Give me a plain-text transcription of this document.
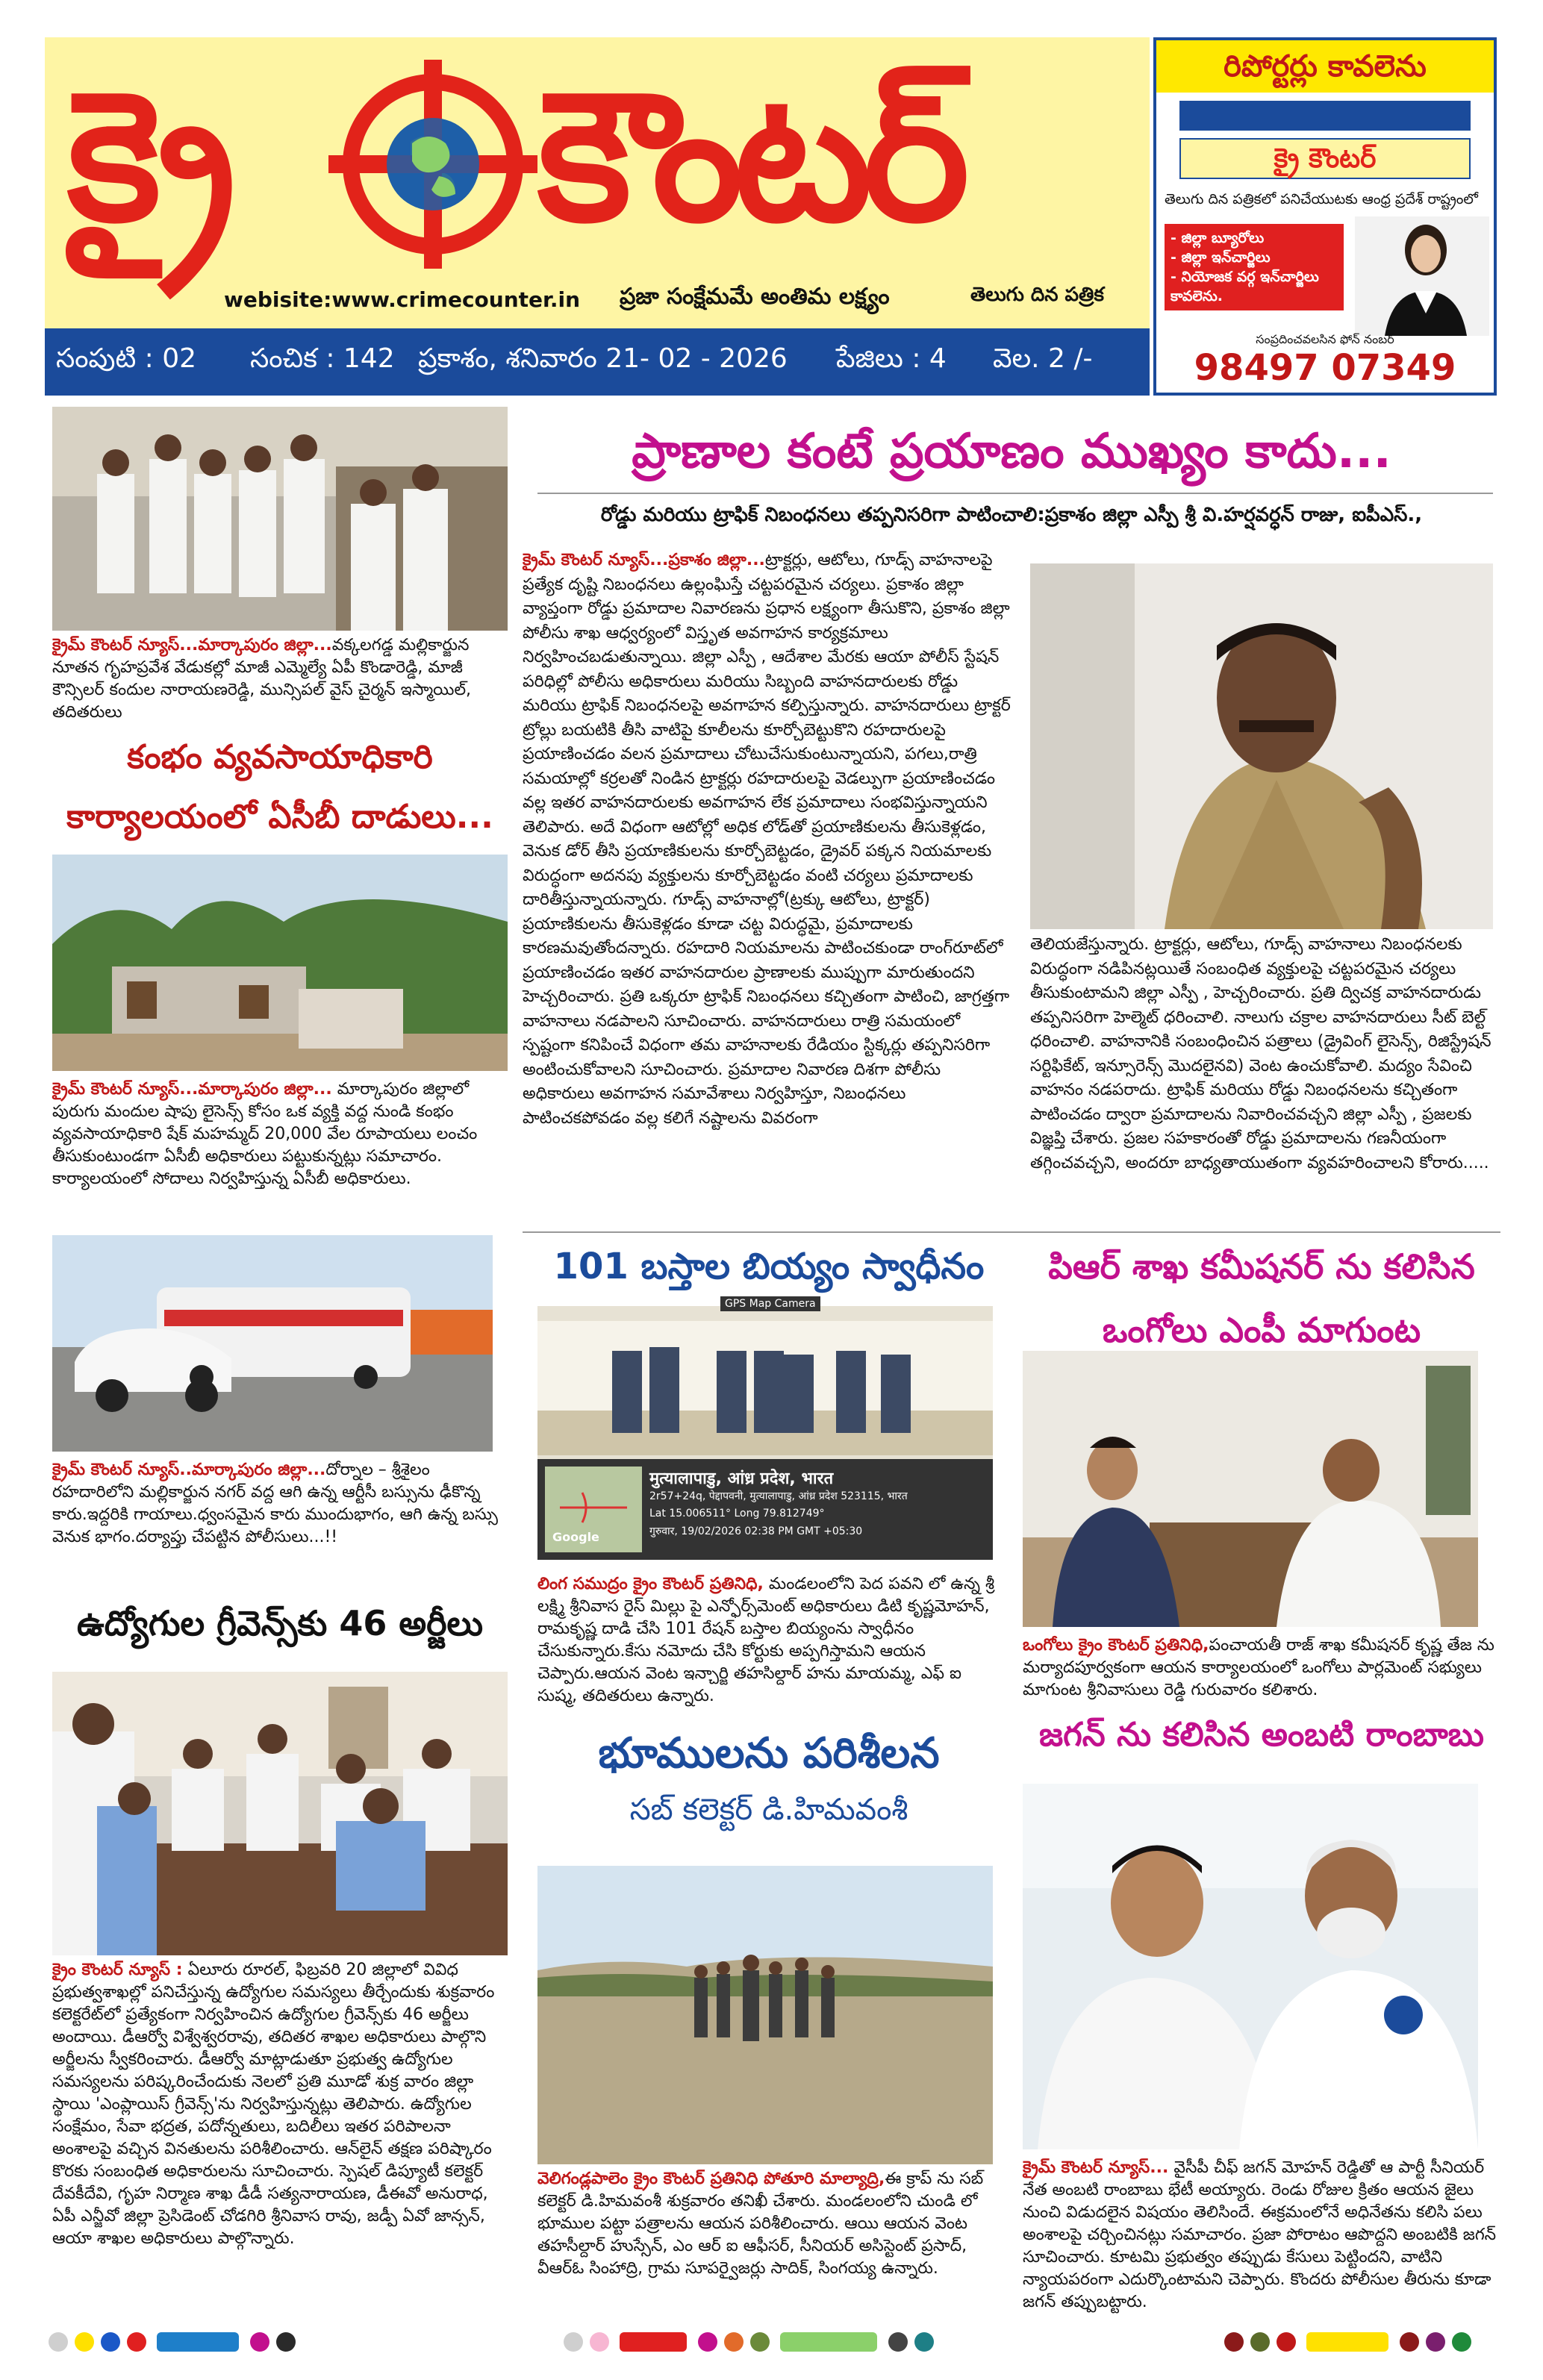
క్రై కౌంటర్
webisite:www.crimecounter.in ప్రజా సంక్షేమమే అంతిమ లక్ష్యం	తెలుగు దిన పత్రిక
సంపుటి : 02	సంచిక : 142 ప్రకాశం, శనివారం 21- 02 - 2026	పేజిలు : 4	వెల. 2 /-
రిపోర్టర్లు కావలెను
క్రై కౌంటర్
తెలుగు దిన పత్రికలో పనిచేయుటకు ఆంధ్ర ప్రదేశ్ రాష్ట్రంలో
- జిల్లా బ్యూరోలు
- జిల్లా ఇన్‌చార్జిలు
- నియోజక వర్గ ఇన్‌చార్జిలు
కావలెను.
సంప్రదించవలసిన ఫోన్ నంబర్
98497 07349
క్రైమ్ కౌంటర్ న్యూస్...మార్కాపురం జిల్లా...వక్కలగడ్డ మల్లికార్జున నూతన గృహప్రవేశ వేడుకల్లో మాజీ ఎమ్మెల్యే ఏపీ కొండారెడ్డి, మాజీ కౌన్సిలర్ కందుల నారాయణరెడ్డి, మున్సిపల్ వైస్ చైర్మన్ ఇస్మాయిల్, తదితరులు
కంభం వ్యవసాయాధికారి కార్యాలయంలో ఏసీబీ దాడులు...
క్రైమ్ కౌంటర్ న్యూస్...మార్కాపురం జిల్లా... మార్కాపురం జిల్లాలో పురుగు మందుల షాపు లైసెన్స్ కోసం ఒక వ్యక్తి వద్ద నుండి కంభం వ్యవసాయాధికారి షేక్ మహమ్మద్ 20,000 వేల రూపాయలు లంచం తీసుకుంటుండగా ఏసీబీ అధికారులు పట్టుకున్నట్లు సమాచారం. కార్యాలయంలో సోదాలు నిర్వహిస్తున్న ఏసీబీ అధికారులు.
క్రైమ్ కౌంటర్ న్యూస్..మార్కాపురం జిల్లా...దోర్నాల – శ్రీశైలం రహదారిలోని మల్లికార్జున నగర్ వద్ద ఆగి ఉన్న ఆర్టీసీ బస్సును ఢీకొన్న కారు.ఇద్దరికి గాయాలు.ధ్వంసమైన కారు ముందుభాగం, ఆగి ఉన్న బస్సు వెనుక భాగం.దర్యాప్తు చేపట్టిన పోలీసులు...!!
ఉద్యోగుల గ్రీవెన్స్‌కు 46 అర్జీలు
క్రైం కౌంటర్ న్యూస్ : ఏలూరు రూరల్, ఫిబ్రవరి 20 జిల్లాలో వివిధ ప్రభుత్వశాఖల్లో పనిచేస్తున్న ఉద్యోగుల సమస్యలు తీర్చేందుకు శుక్రవారం కలెక్టరేట్‌లో ప్రత్యేకంగా నిర్వహించిన ఉద్యోగుల గ్రీవెన్స్‌కు 46 అర్జీలు అందాయి. డీఆర్వో విశ్వేశ్వరరావు, తదితర శాఖల అధికారులు పాల్గొని అర్జీలను స్వీకరించారు. డీఆర్వో మాట్లాడుతూ ప్రభుత్వ ఉద్యోగుల సమస్యలను పరిష్కరించేందుకు నెలలో ప్రతి మూడో శుక్ర వారం జిల్లా స్థాయి 'ఎంప్లాయిస్ గ్రీవెన్స్'ను నిర్వహిస్తున్నట్లు తెలిపారు. ఉద్యోగుల సంక్షేమం, సేవా భద్రత, పదోన్నతులు, బదిలీలు ఇతర పరిపాలనా అంశాలపై వచ్చిన వినతులను పరిశీలించారు. ఆన్‌లైన్ తక్షణ పరిష్కారం కొరకు సంబంధిత అధికారులను సూచించారు. స్పెషల్ డిప్యూటీ కలెక్టర్ దేవకీదేవి, గృహ నిర్మాణ శాఖ డీడీ సత్యనారాయణ, డీఈవో అనురాధ, ఏపీ ఎన్జీవో జిల్లా ప్రెసిడెంట్ చోడగిరి శ్రీనివాస రావు, జడ్పీ ఏవో జాన్సన్, ఆయా శాఖల అధికారులు పాల్గొన్నారు.
ప్రాణాల కంటే ప్రయాణం ముఖ్యం కాదు...
రోడ్డు మరియు ట్రాఫిక్ నిబంధనలు తప్పనిసరిగా పాటించాలి:ప్రకాశం జిల్లా ఎస్పీ శ్రీ వి.హర్షవర్ధన్ రాజు, ఐపీఎస్.,
క్రైమ్ కౌంటర్ న్యూస్...ప్రకాశం జిల్లా...ట్రాక్టర్లు, ఆటోలు, గూడ్స్ వాహనాలపై ప్రత్యేక దృష్టి నిబంధనలు ఉల్లంఘిస్తే చట్టపరమైన చర్యలు. ప్రకాశం జిల్లా వ్యాప్తంగా రోడ్డు ప్రమాదాల నివారణను ప్రధాన లక్ష్యంగా తీసుకొని, ప్రకాశం జిల్లా పోలీసు శాఖ ఆధ్వర్యంలో విస్తృత అవగాహన కార్యక్రమాలు నిర్వహించబడుతున్నాయి. జిల్లా ఎస్పీ , ఆదేశాల మేరకు ఆయా పోలీస్ స్టేషన్ పరిధిల్లో పోలీసు అధికారులు మరియు సిబ్బంది వాహనదారులకు రోడ్డు మరియు ట్రాఫిక్ నిబంధనలపై అవగాహన కల్పిస్తున్నారు. వాహనదారులు ట్రాక్టర్ ట్రోల్లు బయటికి తీసి వాటిపై కూలీలను కూర్చోబెట్టుకొని రహదారులపై ప్రయాణించడం వలన ప్రమాదాలు చోటుచేసుకుంటున్నాయని, పగలు,రాత్రి సమయాల్లో కర్రలతో నిండిన ట్రాక్టర్లు రహదారులపై వెడల్పుగా ప్రయాణించడం వల్ల ఇతర వాహనదారులకు అవగాహన లేక ప్రమాదాలు సంభవిస్తున్నాయని తెలిపారు. అదే విధంగా ఆటోల్లో అధిక లోడ్‌తో ప్రయాణికులను తీసుకెళ్లడం, వెనుక డోర్ తీసి ప్రయాణికులను కూర్చోబెట్టడం, డ్రైవర్ పక్కన నియమాలకు విరుద్ధంగా అదనపు వ్యక్తులను కూర్చోబెట్టడం వంటి చర్యలు ప్రమాదాలకు దారితీస్తున్నాయన్నారు. గూడ్స్ వాహనాల్లో(ట్రక్కు ఆటోలు, ట్రాక్టర్) ప్రయాణికులను తీసుకెళ్లడం కూడా చట్ట విరుద్ధమై, ప్రమాదాలకు కారణమవుతోందన్నారు. రహదారి నియమాలను పాటించకుండా రాంగ్‌రూట్‌లో ప్రయాణించడం ఇతర వాహనదారుల ప్రాణాలకు ముప్పుగా మారుతుందని హెచ్చరించారు. ప్రతి ఒక్కరూ ట్రాఫిక్ నిబంధనలు కచ్చితంగా పాటించి, జాగ్రత్తగా వాహనాలు నడపాలని సూచించారు. వాహనదారులు రాత్రి సమయంలో స్పష్టంగా కనిపించే విధంగా తమ వాహనాలకు రేడియం స్టిక్కర్లు తప్పనిసరిగా అంటించుకోవాలని సూచించారు. ప్రమాదాల నివారణ దిశగా పోలీసు అధికారులు అవగాహన సమావేశాలు నిర్వహిస్తూ, నిబంధనలు పాటించకపోవడం వల్ల కలిగే నష్టాలను వివరంగా
తెలియజేస్తున్నారు. ట్రాక్టర్లు, ఆటోలు, గూడ్స్ వాహనాలు నిబంధనలకు విరుద్ధంగా నడిపినట్లయితే సంబంధిత వ్యక్తులపై చట్టపరమైన చర్యలు తీసుకుంటామని జిల్లా ఎస్పీ , హెచ్చరించారు. ప్రతి ద్విచక్ర వాహనదారుడు తప్పనిసరిగా హెల్మెట్ ధరించాలి. నాలుగు చక్రాల వాహనదారులు సీట్ బెల్ట్ ధరించాలి. వాహనానికి సంబంధించిన పత్రాలు (డ్రైవింగ్ లైసెన్స్, రిజిస్ట్రేషన్ సర్టిఫికేట్, ఇన్సూరెన్స్ మొదలైనవి) వెంట ఉంచుకోవాలి. మద్యం సేవించి వాహనం నడపరాదు. ట్రాఫిక్ మరియు రోడ్డు నిబంధనలను కచ్చితంగా పాటించడం ద్వారా ప్రమాదాలను నివారించవచ్చని జిల్లా ఎస్పీ , ప్రజలకు విజ్ఞప్తి చేశారు. ప్రజల సహకారంతో రోడ్డు ప్రమాదాలను గణనీయంగా తగ్గించవచ్చని, అందరూ బాధ్యతాయుతంగా వ్యవహరించాలని కోరారు.....
101 బస్తాల బియ్యం స్వాధీనం
GPS Map Camera
मुत्यालापाडु, आंध्र प्रदेश, भारत
2r57+24q, पेद्दापवनी, मुत्यालापाडु, आंध्र प्रदेश 523115, भारत
Lat 15.006511° Long 79.812749°
गुरुवार, 19/02/2026 02:38 PM GMT +05:30
Google
లింగ సముద్రం క్రైం కౌంటర్ ప్రతినిధి, మండలంలోని పెద పవని లో ఉన్న శ్రీ లక్ష్మి శ్రీనివాస రైస్ మిల్లు పై ఎన్ఫోర్స్‌మెంట్ అధికారులు డిటి కృష్ణమోహన్, రామకృష్ణ దాడి చేసి 101 రేషన్ బస్తాల బియ్యంను స్వాధీనం చేసుకున్నారు.కేసు నమోదు చేసి కోర్టుకు అప్పగిస్తామని ఆయన చెప్పారు.ఆయన వెంట ఇన్చార్జి తహసిల్దార్ హను మాయమ్మ, ఎఫ్ ఐ సుష్మ, తదితరులు ఉన్నారు.
భూములను పరిశీలన
సబ్ కలెక్టర్ డి.హిమవంశీ
వెలిగండ్లపాలెం క్రైం కౌంటర్ ప్రతినిధి పోతూరి మాల్యాద్రి,ఈ క్రాప్ ను సబ్ కలెక్టర్ డి.హిమవంశీ శుక్రవారం తనిఖీ చేశారు. మండలంలోని చుండి లో భూముల పట్టా పత్రాలను ఆయన పరిశీలించారు. ఆయి ఆయన వెంట తహసీల్దార్ హుస్సేన్, ఎం ఆర్ ఐ ఆఫీసర్, సీనియర్ అసిస్టెంట్ ప్రసాద్, వీఆర్ఓ సింహాద్రి, గ్రామ సూపర్వైజర్లు సాదిక్, సింగయ్య ఉన్నారు.
పిఆర్ శాఖ కమీషనర్ ను కలిసిన ఒంగోలు ఎంపీ మాగుంట
ఒంగోలు క్రైం కౌంటర్ ప్రతినిధి,పంచాయతీ రాజ్ శాఖ కమీషనర్ కృష్ణ తేజ ను మర్యాదపూర్వకంగా ఆయన కార్యాలయంలో ఒంగోలు పార్లమెంట్ సభ్యులు మాగుంట శ్రీనివాసులు రెడ్డి గురువారం కలిశారు.
జగన్ ను కలిసిన అంబటి రాంబాబు
క్రైమ్ కౌంటర్ న్యూస్... వైసీపీ చీఫ్ జగన్ మోహన్ రెడ్డితో ఆ పార్టీ సీనియర్ నేత అంబటి రాంబాబు భేటీ అయ్యారు. రెండు రోజుల క్రితం ఆయన జైలు నుంచి విడుదలైన విషయం తెలిసిందే. ఈక్రమంలోనే అధినేతను కలిసి పలు అంశాలపై చర్చించినట్లు సమాచారం. ప్రజా పోరాటం ఆపొద్దని అంబటికి జగన్ సూచించారు. కూటమి ప్రభుత్వం తప్పుడు కేసులు పెట్టిందని, వాటిని న్యాయపరంగా ఎదుర్కొంటామని చెప్పారు. కొందరు పోలీసుల తీరును కూడా జగన్ తప్పుబట్టారు.
